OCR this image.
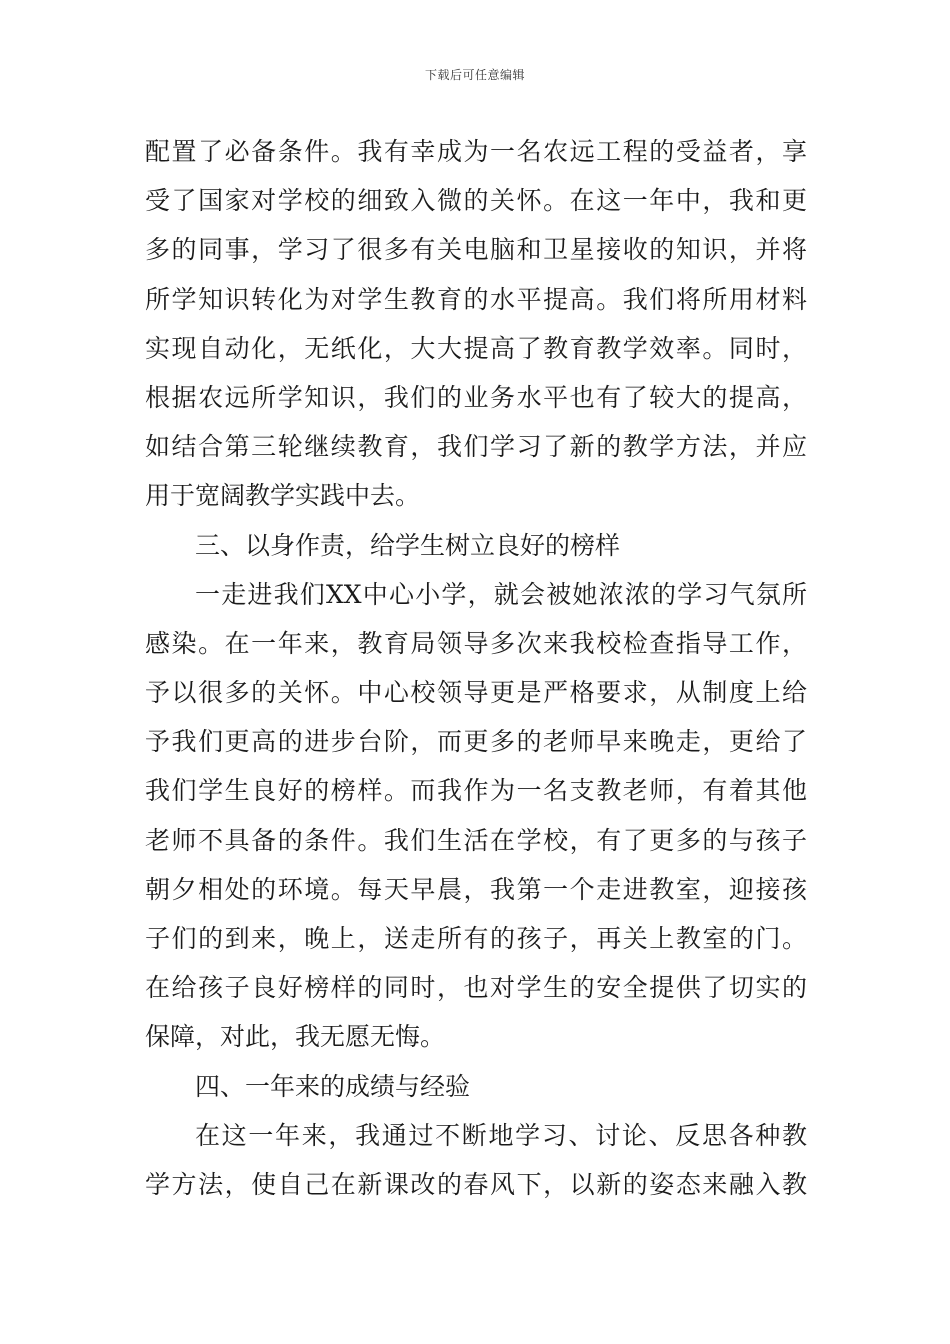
下载后可任意编辑
配置了必备条件。我有幸成为一名农远工程的受益者，享
受了国家对学校的细致入微的关怀。在这一年中，我和更
多的同事，学习了很多有关电脑和卫星接收的知识，并将
所学知识转化为对学生教育的水平提高。我们将所用材料
实现自动化，无纸化，大大提高了教育教学效率。同时，
根据农远所学知识，我们的业务水平也有了较大的提高，
如结合第三轮继续教育，我们学习了新的教学方法，并应
用于宽阔教学实践中去。
三、以身作责，给学生树立良好的榜样
一走进我们XX中心小学，就会被她浓浓的学习气氛所
感染。在一年来，教育局领导多次来我校检查指导工作，
予以很多的关怀。中心校领导更是严格要求，从制度上给
予我们更高的进步台阶，而更多的老师早来晚走，更给了
我们学生良好的榜样。而我作为一名支教老师，有着其他
老师不具备的条件。我们生活在学校，有了更多的与孩子
朝夕相处的环境。每天早晨，我第一个走进教室，迎接孩
子们的到来，晚上，送走所有的孩子，再关上教室的门。
在给孩子良好榜样的同时，也对学生的安全提供了切实的
保障，对此，我无愿无悔。
四、一年来的成绩与经验
在这一年来，我通过不断地学习、讨论、反思各种教
学方法，使自己在新课改的春风下，以新的姿态来融入教
